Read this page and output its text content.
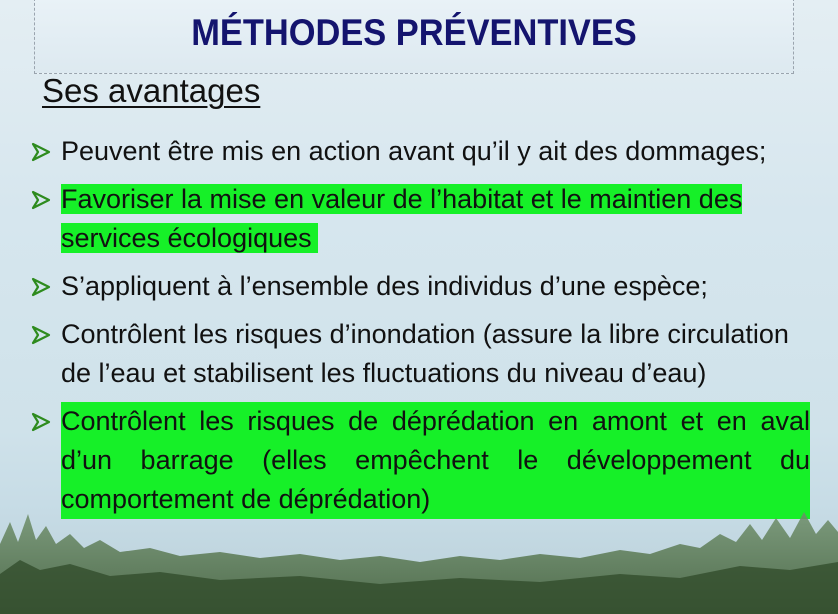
MÉTHODES PRÉVENTIVES
Ses avantages
Peuvent être mis en action avant qu’il y ait des dommages;
Favoriser la mise en valeur de l’habitat et le maintien des services écologiques
S’appliquent à l’ensemble des individus d’une espèce;
Contrôlent les risques d’inondation (assure la libre circulation de l’eau et stabilisent les fluctuations du niveau d’eau)
Contrôlent les risques de déprédation en amont et en aval d’un barrage (elles empêchent le développement du comportement de déprédation)
